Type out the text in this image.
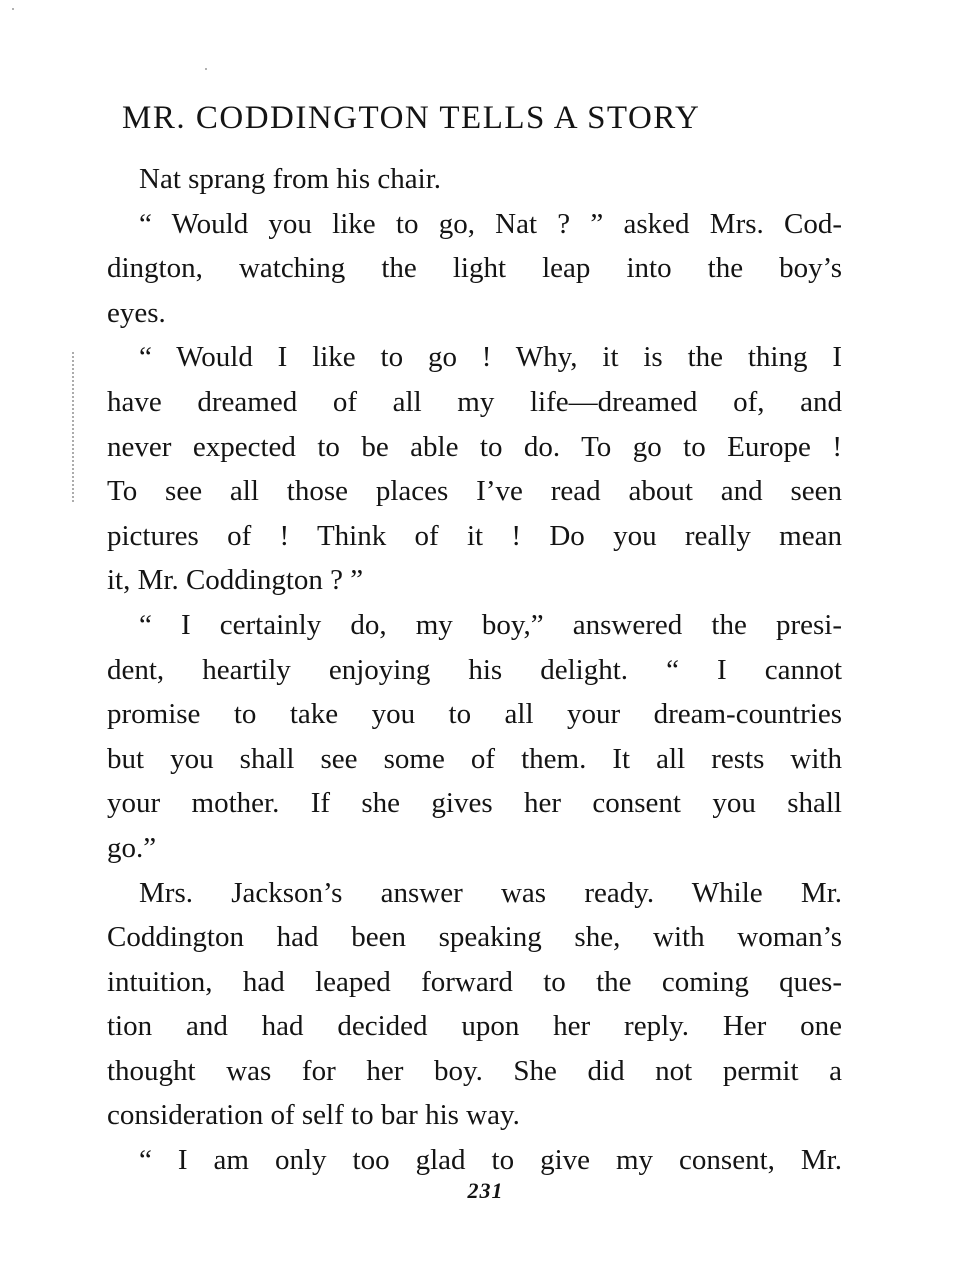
MR. CODDINGTON TELLS A STORY
Nat sprang from his chair.
“ Would you like to go, Nat ? ” asked Mrs. Cod-
dington, watching the light leap into the boy’s
eyes.
“ Would I like to go ! Why, it is the thing I
have dreamed of all my life—dreamed of, and
never expected to be able to do. To go to Europe !
To see all those places I’ve read about and seen
pictures of ! Think of it ! Do you really mean
it, Mr. Coddington ? ”
“ I certainly do, my boy,” answered the presi-
dent, heartily enjoying his delight. “ I cannot
promise to take you to all your dream-countries
but you shall see some of them. It all rests with
your mother. If she gives her consent you shall
go.”
Mrs. Jackson’s answer was ready. While Mr.
Coddington had been speaking she, with woman’s
intuition, had leaped forward to the coming ques-
tion and had decided upon her reply. Her one
thought was for her boy. She did not permit a
consideration of self to bar his way.
“ I am only too glad to give my consent, Mr.
231
